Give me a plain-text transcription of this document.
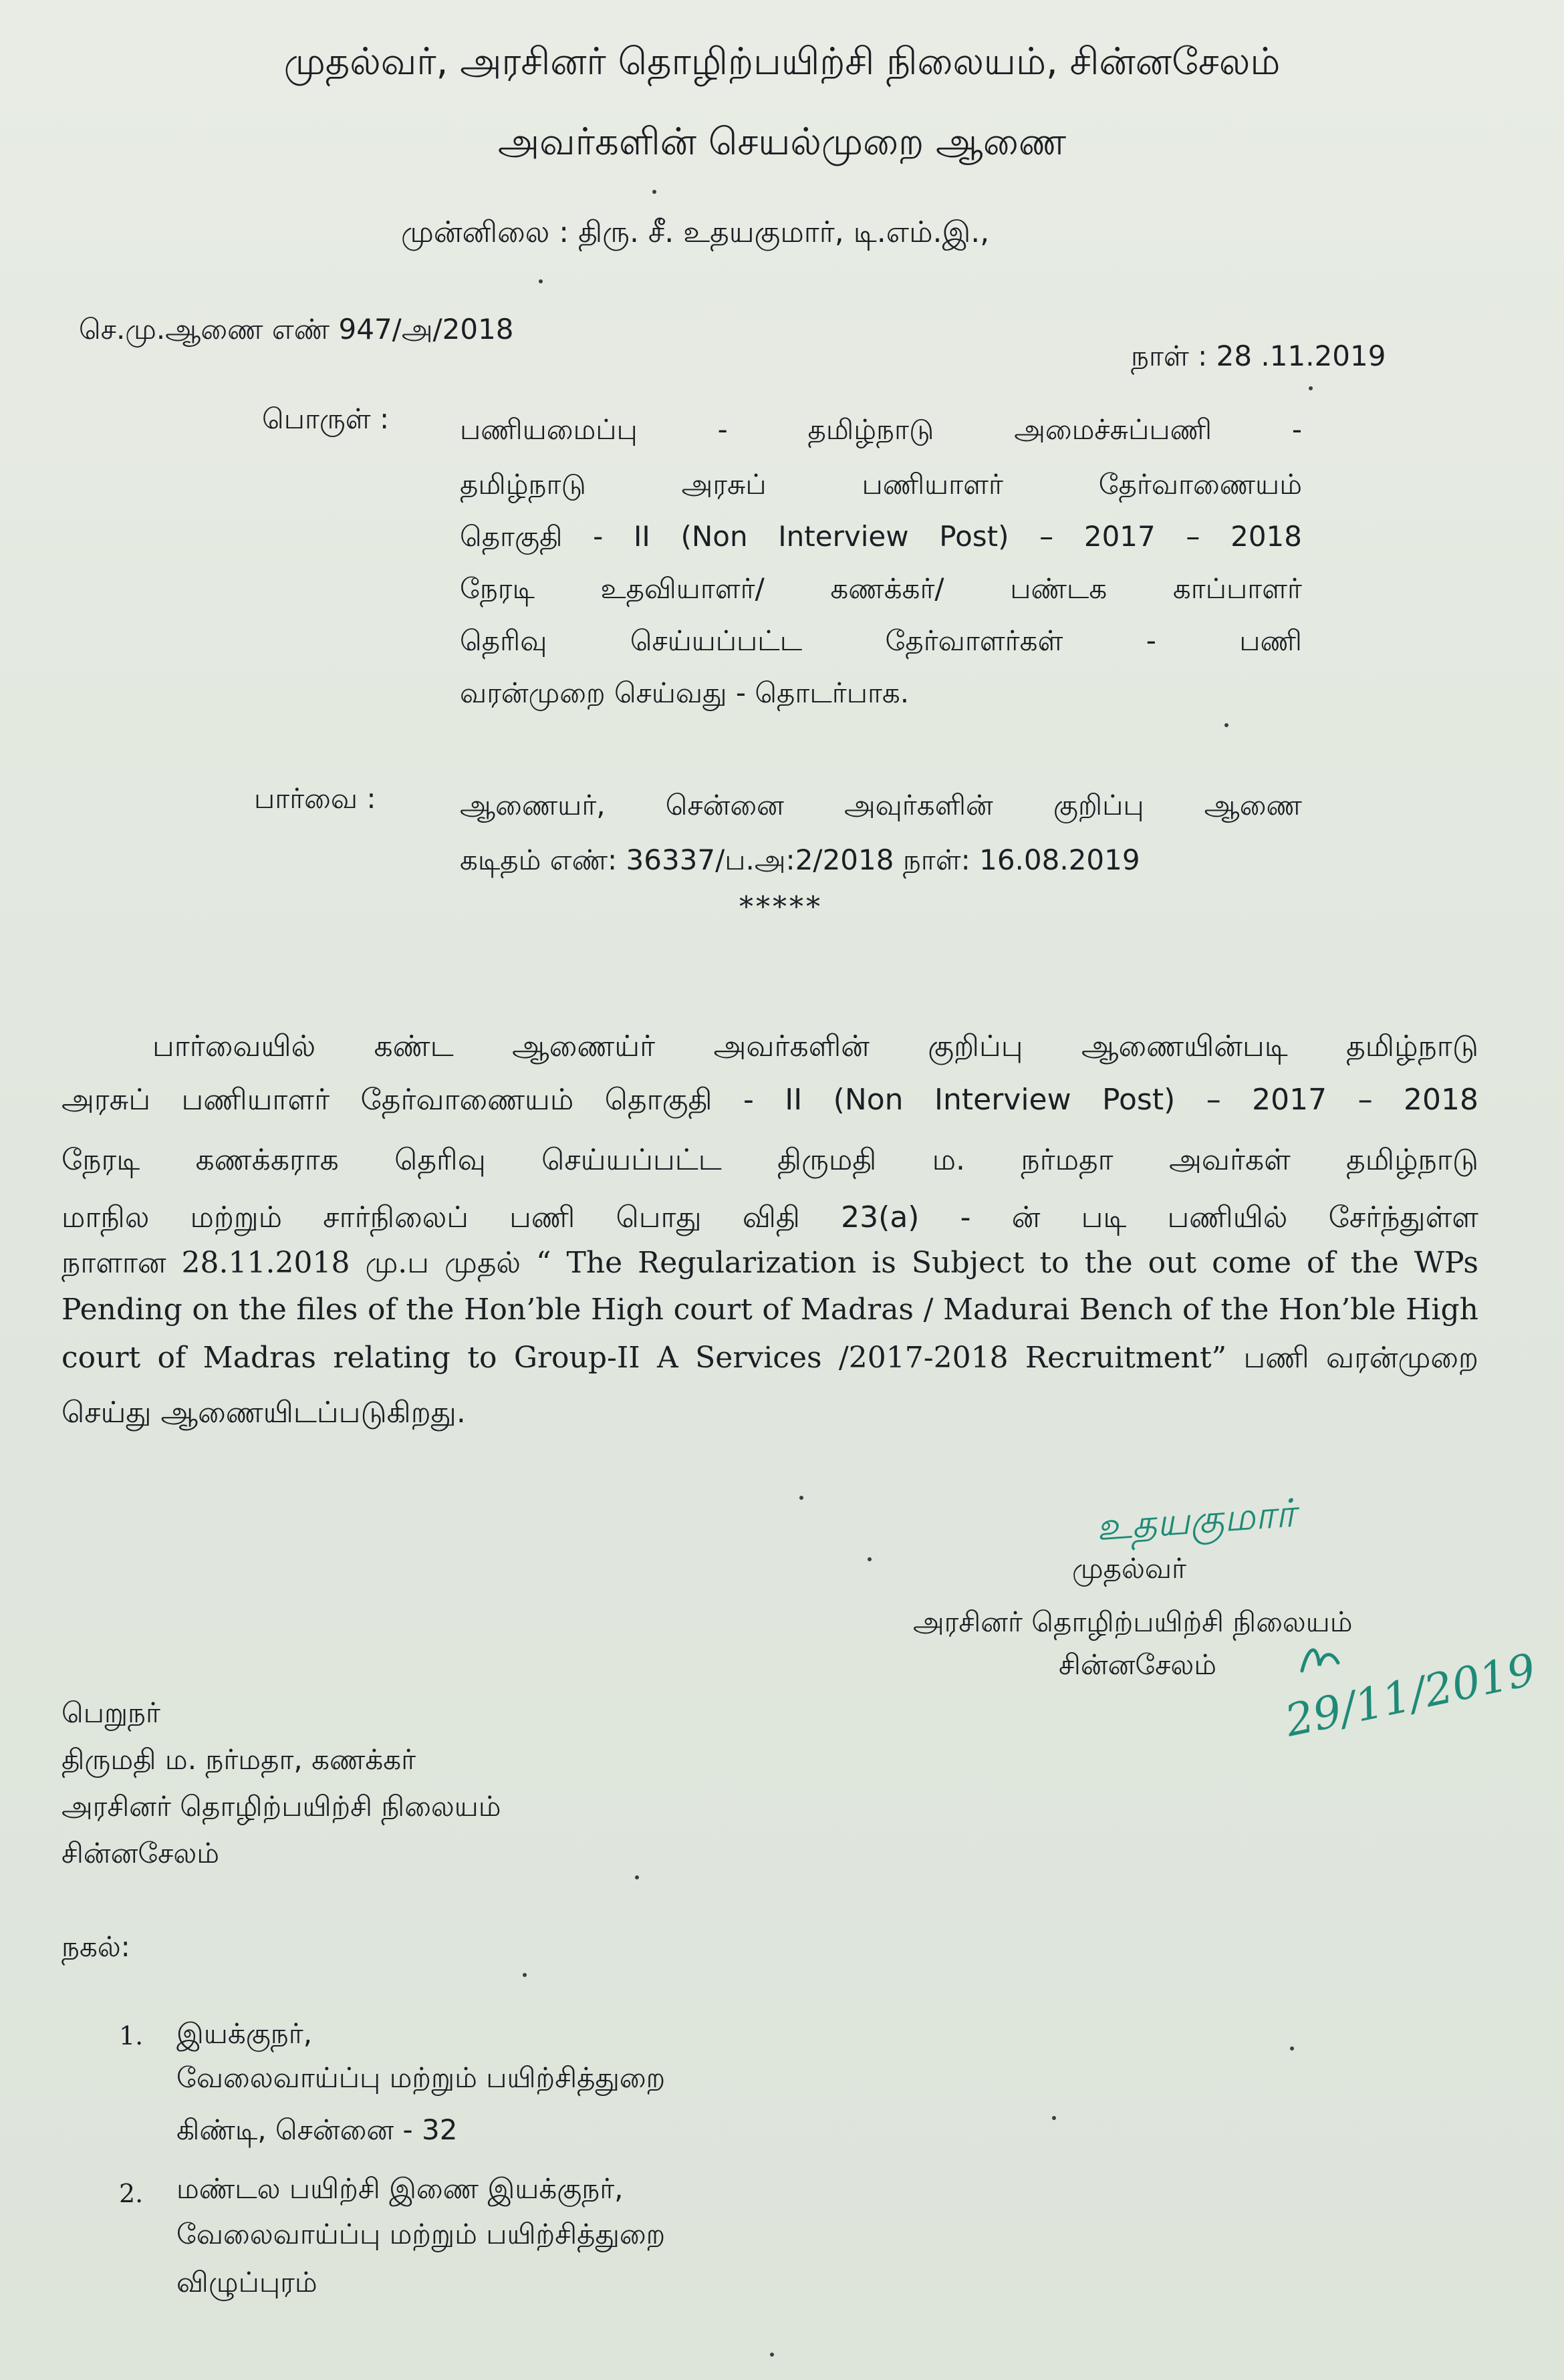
முதல்வர், அரசினர் தொழிற்பயிற்சி நிலையம், சின்னசேலம்
அவர்களின் செயல்முறை ஆணை
முன்னிலை : திரு. சீ. உதயகுமார், டி.எம்.இ.,
செ.மு.ஆணை எண் 947/அ/2018
நாள் : 28 .11.2019
பொருள் :	பணியமைப்பு - தமிழ்நாடு அமைச்சுப்பணி -
தமிழ்நாடு அரசுப் பணியாளர் தேர்வாணையம்
தொகுதி - II (Non Interview Post) – 2017 – 2018
நேரடி உதவியாளர்/ கணக்கர்/ பண்டக காப்பாளர்
தெரிவு செய்யப்பட்ட தேர்வாளர்கள் - பணி
வரன்முறை செய்வது - தொடர்பாக.
பார்வை :	ஆணையர், சென்னை அவுர்களின் குறிப்பு ஆணை
கடிதம் எண்: 36337/ப.அ:2/2018 நாள்: 16.08.2019
*****
பார்வையில் கண்ட ஆணைய்ர் அவர்களின் குறிப்பு ஆணையின்படி தமிழ்நாடு
அரசுப் பணியாளர் தேர்வாணையம் தொகுதி - II (Non Interview Post) – 2017 – 2018
நேரடி கணக்கராக தெரிவு செய்யப்பட்ட திருமதி ம. நர்மதா அவர்கள் தமிழ்நாடு
மாநில மற்றும் சார்நிலைப் பணி பொது விதி 23(a) - ன் படி பணியில் சேர்ந்துள்ள
நாளான 28.11.2018 மு.ப முதல் “ The Regularization is Subject to the out come of the WPs
Pending on the files of the Hon’ble High court of Madras / Madurai Bench of the Hon’ble High
court of Madras relating to Group-II A Services /2017-2018 Recruitment” பணி வரன்முறை
செய்து ஆணையிடப்படுகிறது.
உதயகுமார்
முதல்வர்
அரசினர் தொழிற்பயிற்சி நிலையம்
சின்னசேலம் 29/11/2019
பெறுநர்
திருமதி ம. நர்மதா, கணக்கர்
அரசினர் தொழிற்பயிற்சி நிலையம்
சின்னசேலம்
நகல்:
1. இயக்குநர்,
வேலைவாய்ப்பு மற்றும் பயிற்சித்துறை
கிண்டி, சென்னை - 32
2. மண்டல பயிற்சி இணை இயக்குநர்,
வேலைவாய்ப்பு மற்றும் பயிற்சித்துறை
விழுப்புரம்
